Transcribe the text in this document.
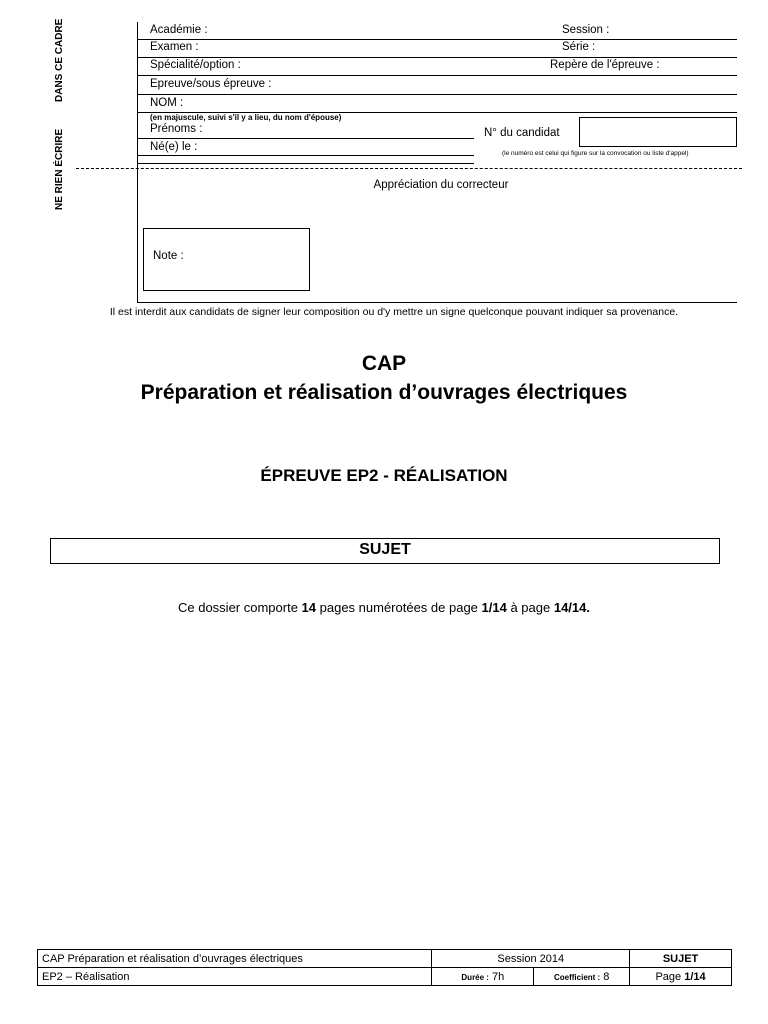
DANS CE CADRE
NE RIEN ÉCRIRE
Académie :	Session :
Examen :	Série :
Spécialité/option :	Repère de l'épreuve :
Epreuve/sous épreuve :
NOM :
(en majuscule, suivi s'il y a lieu, du nom d'épouse)
Prénoms :	N° du candidat
Né(e) le :
(le numéro est celui qui figure sur la convocation ou liste d'appel)
Appréciation du correcteur
Note :
Il est interdit aux candidats de signer leur composition ou d'y mettre un signe quelconque pouvant indiquer sa provenance.
CAP
Préparation et réalisation d’ouvrages électriques
ÉPREUVE EP2 - RÉALISATION
SUJET
Ce dossier comporte 14 pages numérotées de page 1/14 à page 14/14.
CAP Préparation et réalisation d’ouvrages électriques	Session 2014		SUJET
EP2 – Réalisation	Durée : 7h	Coefficient : 8	Page 1/14
